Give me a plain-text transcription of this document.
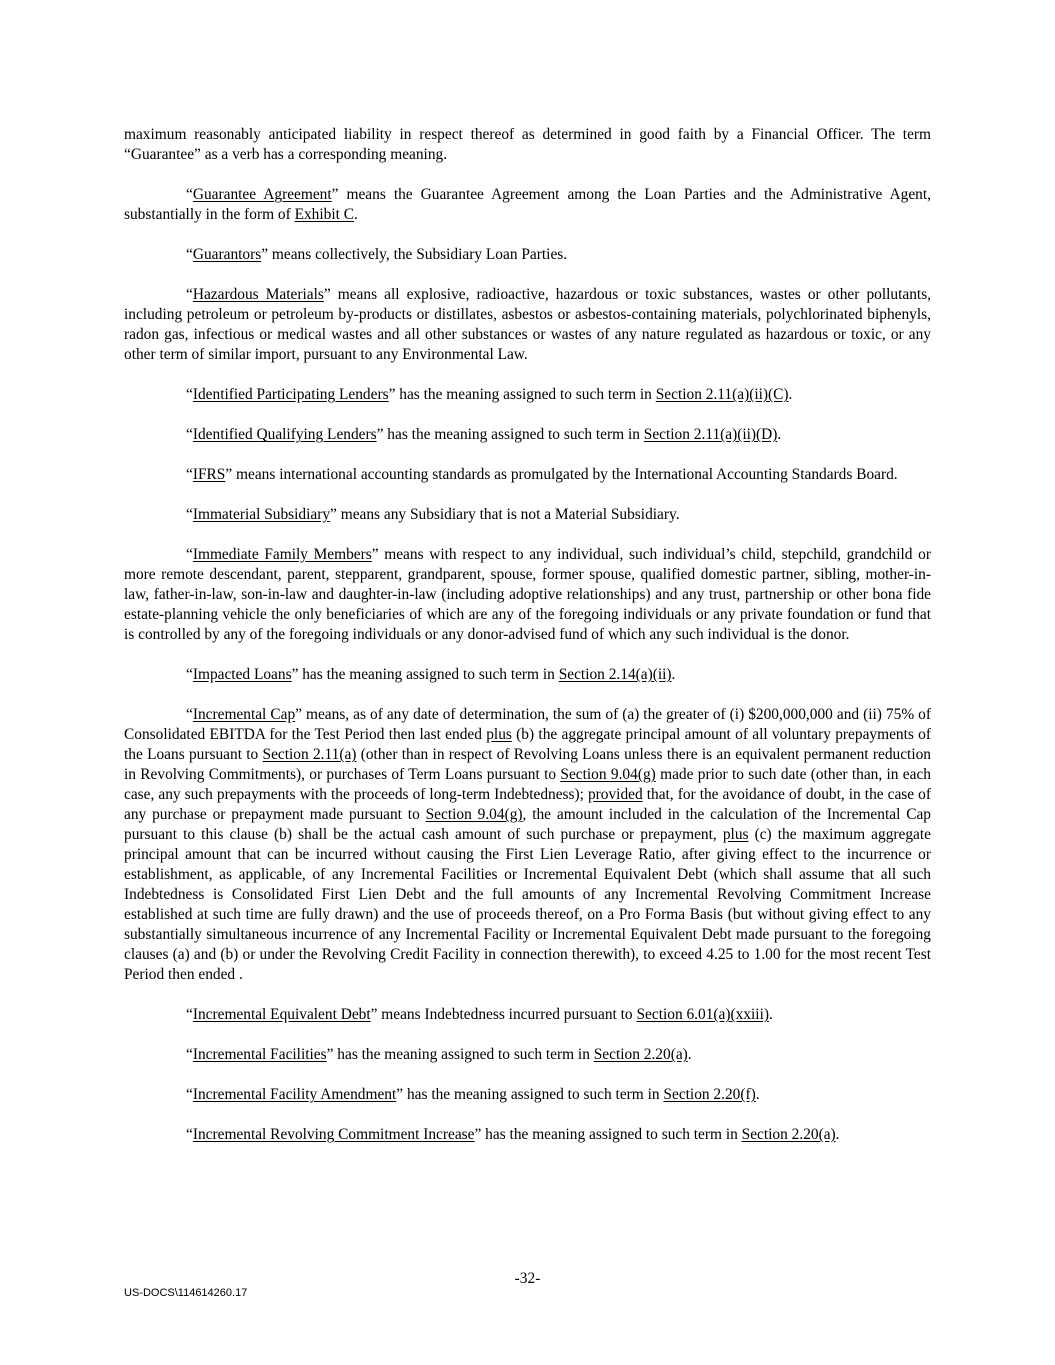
maximum reasonably anticipated liability in respect thereof as determined in good faith by a Financial Officer. The term “Guarantee” as a verb has a corresponding meaning.

“Guarantee Agreement” means the Guarantee Agreement among the Loan Parties and the Administrative Agent, substantially in the form of Exhibit C.

“Guarantors” means collectively, the Subsidiary Loan Parties.

“Hazardous Materials” means all explosive, radioactive, hazardous or toxic substances, wastes or other pollutants, including petroleum or petroleum by-products or distillates, asbestos or asbestos-containing materials, polychlorinated biphenyls, radon gas, infectious or medical wastes and all other substances or wastes of any nature regulated as hazardous or toxic, or any other term of similar import, pursuant to any Environmental Law.

“Identified Participating Lenders” has the meaning assigned to such term in Section 2.11(a)(ii)(C).

“Identified Qualifying Lenders” has the meaning assigned to such term in Section 2.11(a)(ii)(D).

“IFRS” means international accounting standards as promulgated by the International Accounting Standards Board.

“Immaterial Subsidiary” means any Subsidiary that is not a Material Subsidiary.

“Immediate Family Members” means with respect to any individual, such individual’s child, stepchild, grandchild or more remote descendant, parent, stepparent, grandparent, spouse, former spouse, qualified domestic partner, sibling, mother-in-law, father-in-law, son-in-law and daughter-in-law (including adoptive relationships) and any trust, partnership or other bona fide estate-planning vehicle the only beneficiaries of which are any of the foregoing individuals or any private foundation or fund that is controlled by any of the foregoing individuals or any donor-advised fund of which any such individual is the donor.

“Impacted Loans” has the meaning assigned to such term in Section 2.14(a)(ii).

“Incremental Cap” means, as of any date of determination, the sum of (a) the greater of (i) $200,000,000 and (ii) 75% of Consolidated EBITDA for the Test Period then last ended plus (b) the aggregate principal amount of all voluntary prepayments of the Loans pursuant to Section 2.11(a) (other than in respect of Revolving Loans unless there is an equivalent permanent reduction in Revolving Commitments), or purchases of Term Loans pursuant to Section 9.04(g) made prior to such date (other than, in each case, any such prepayments with the proceeds of long-term Indebtedness); provided that, for the avoidance of doubt, in the case of any purchase or prepayment made pursuant to Section 9.04(g), the amount included in the calculation of the Incremental Cap pursuant to this clause (b) shall be the actual cash amount of such purchase or prepayment, plus (c) the maximum aggregate principal amount that can be incurred without causing the First Lien Leverage Ratio, after giving effect to the incurrence or establishment, as applicable, of any Incremental Facilities or Incremental Equivalent Debt (which shall assume that all such Indebtedness is Consolidated First Lien Debt and the full amounts of any Incremental Revolving Commitment Increase established at such time are fully drawn) and the use of proceeds thereof, on a Pro Forma Basis (but without giving effect to any substantially simultaneous incurrence of any Incremental Facility or Incremental Equivalent Debt made pursuant to the foregoing clauses (a) and (b) or under the Revolving Credit Facility in connection therewith), to exceed 4.25 to 1.00 for the most recent Test Period then ended .

“Incremental Equivalent Debt” means Indebtedness incurred pursuant to Section 6.01(a)(xxiii).

“Incremental Facilities” has the meaning assigned to such term in Section 2.20(a).

“Incremental Facility Amendment” has the meaning assigned to such term in Section 2.20(f).

“Incremental Revolving Commitment Increase” has the meaning assigned to such term in Section 2.20(a).

-32-
US-DOCS\114614260.17
